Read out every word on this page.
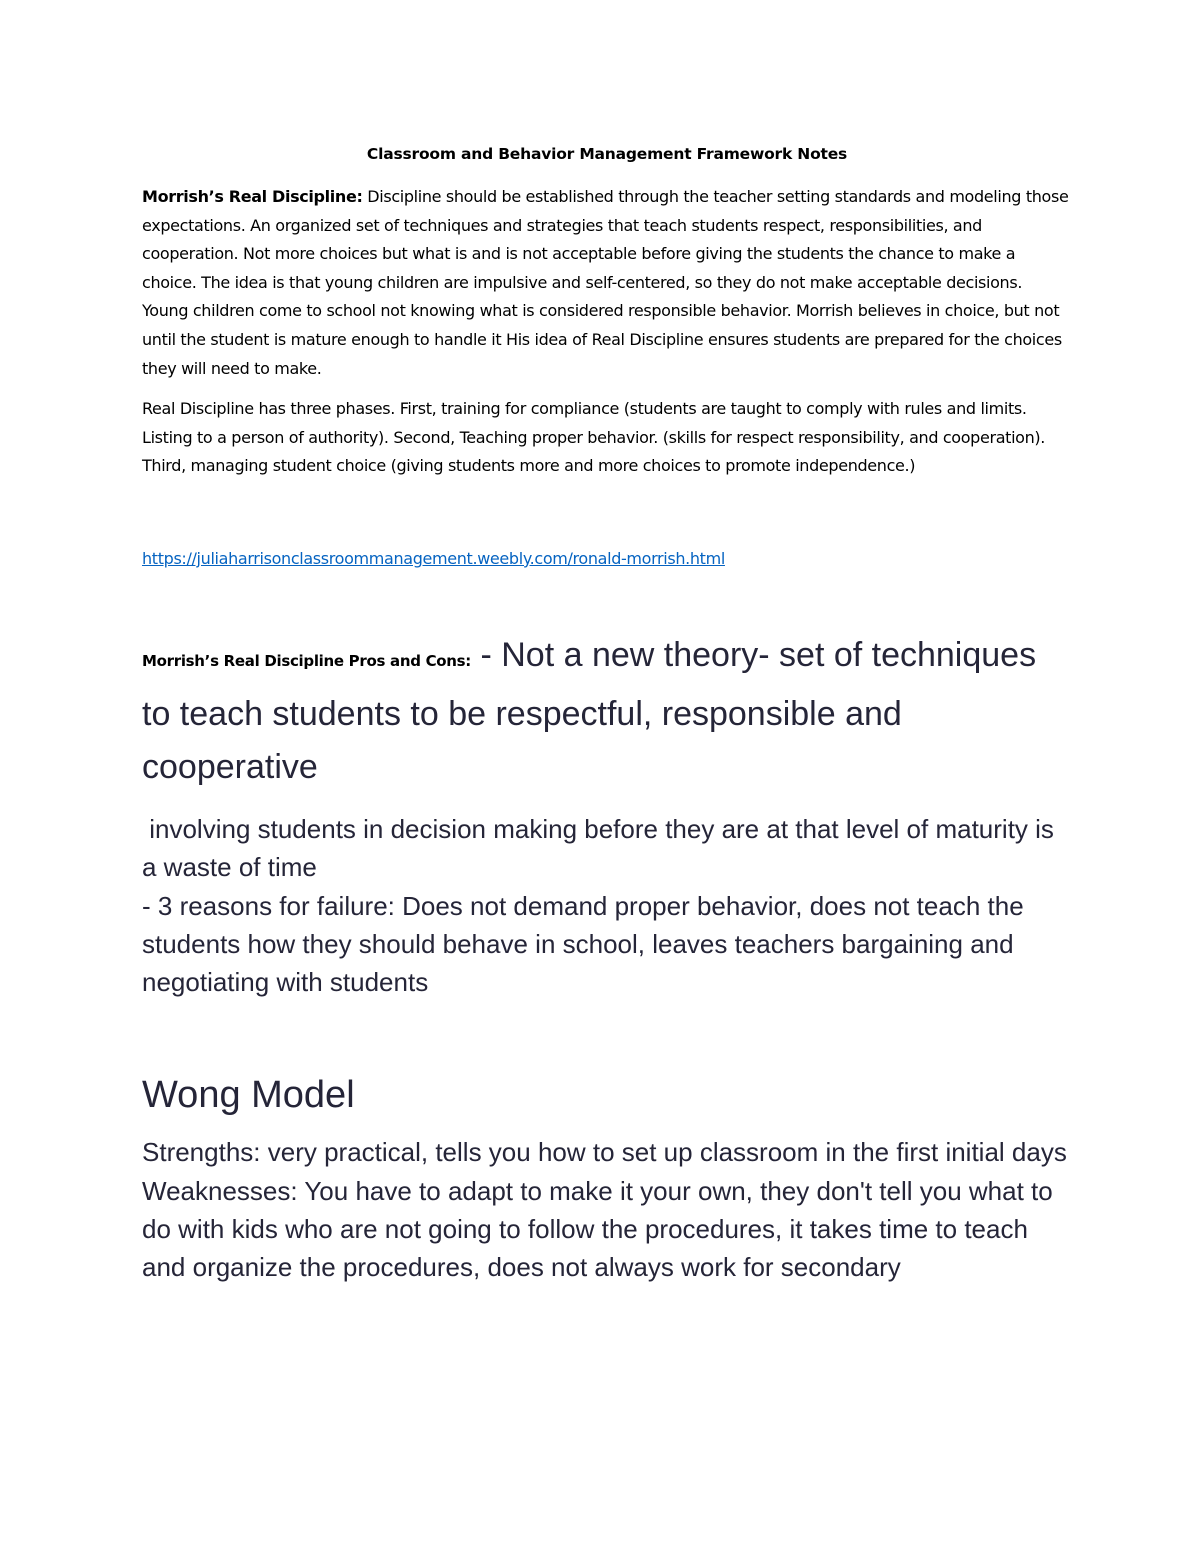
Classroom and Behavior Management Framework Notes

Morrish’s Real Discipline: Discipline should be established through the teacher setting standards and modeling those expectations. An organized set of techniques and strategies that teach students respect, responsibilities, and cooperation. Not more choices but what is and is not acceptable before giving the students the chance to make a choice. The idea is that young children are impulsive and self-centered, so they do not make acceptable decisions. Young children come to school not knowing what is considered responsible behavior. Morrish believes in choice, but not until the student is mature enough to handle it His idea of Real Discipline ensures students are prepared for the choices they will need to make.

Real Discipline has three phases. First, training for compliance (students are taught to comply with rules and limits. Listing to a person of authority). Second, Teaching proper behavior. (skills for respect responsibility, and cooperation). Third, managing student choice (giving students more and more choices to promote independence.)

https://juliaharrisonclassroommanagement.weebly.com/ronald-morrish.html

Morrish’s Real Discipline Pros and Cons: - Not a new theory- set of techniques to teach students to be respectful, responsible and cooperative

involving students in decision making before they are at that level of maturity is a waste of time

- 3 reasons for failure: Does not demand proper behavior, does not teach the students how they should behave in school, leaves teachers bargaining and negotiating with students

Wong Model

Strengths: very practical, tells you how to set up classroom in the first initial days

Weaknesses: You have to adapt to make it your own, they don't tell you what to do with kids who are not going to follow the procedures, it takes time to teach and organize the procedures, does not always work for secondary
